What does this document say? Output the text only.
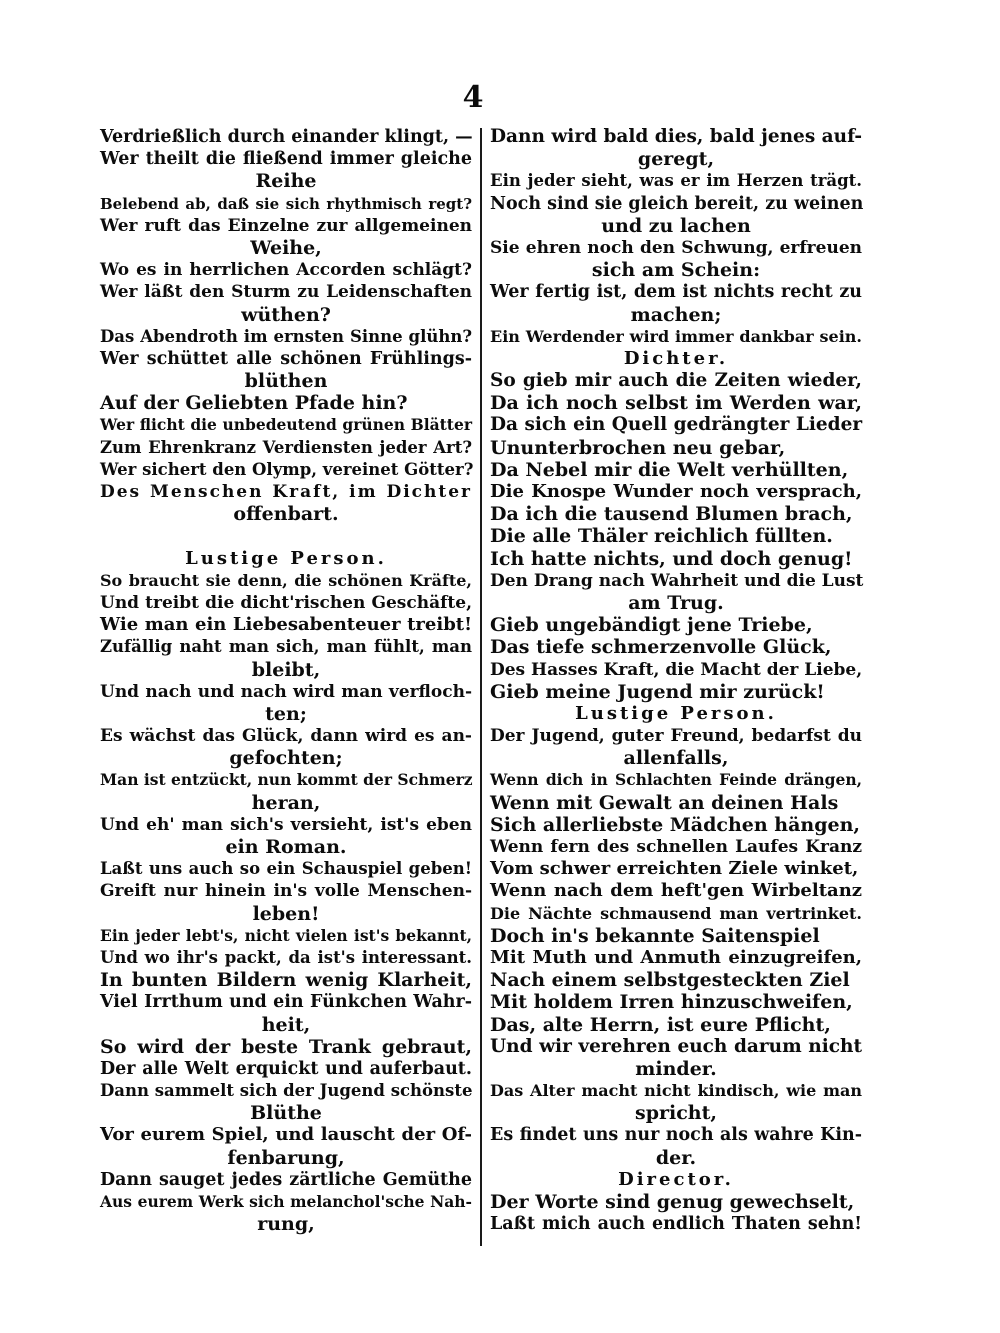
4
Verdrießlich durch einander klingt, —
Wer theilt die fließend immer gleiche
Reihe
Belebend ab, daß sie sich rhythmisch regt?
Wer ruft das Einzelne zur allgemeinen
Weihe,
Wo es in herrlichen Accorden schlägt?
Wer läßt den Sturm zu Leidenschaften
wüthen?
Das Abendroth im ernsten Sinne glühn?
Wer schüttet alle schönen Frühlings-
blüthen
Auf der Geliebten Pfade hin?
Wer flicht die unbedeutend grünen Blätter
Zum Ehrenkranz Verdiensten jeder Art?
Wer sichert den Olymp, vereinet Götter?
Des Menschen Kraft, im Dichter
offenbart.
Lustige Person.
So braucht sie denn, die schönen Kräfte,
Und treibt die dicht'rischen Geschäfte,
Wie man ein Liebesabenteuer treibt!
Zufällig naht man sich, man fühlt, man
bleibt,
Und nach und nach wird man verfloch-
ten;
Es wächst das Glück, dann wird es an-
gefochten;
Man ist entzückt, nun kommt der Schmerz
heran,
Und eh' man sich's versieht, ist's eben
ein Roman.
Laßt uns auch so ein Schauspiel geben!
Greift nur hinein in's volle Menschen-
leben!
Ein jeder lebt's, nicht vielen ist's bekannt,
Und wo ihr's packt, da ist's interessant.
In bunten Bildern wenig Klarheit,
Viel Irrthum und ein Fünkchen Wahr-
heit,
So wird der beste Trank gebraut,
Der alle Welt erquickt und auferbaut.
Dann sammelt sich der Jugend schönste
Blüthe
Vor eurem Spiel, und lauscht der Of-
fenbarung,
Dann sauget jedes zärtliche Gemüthe
Aus eurem Werk sich melanchol'sche Nah-
rung,
Dann wird bald dies, bald jenes auf-
geregt,
Ein jeder sieht, was er im Herzen trägt.
Noch sind sie gleich bereit, zu weinen
und zu lachen
Sie ehren noch den Schwung, erfreuen
sich am Schein:
Wer fertig ist, dem ist nichts recht zu
machen;
Ein Werdender wird immer dankbar sein.
Dichter.
So gieb mir auch die Zeiten wieder,
Da ich noch selbst im Werden war,
Da sich ein Quell gedrängter Lieder
Ununterbrochen neu gebar,
Da Nebel mir die Welt verhüllten,
Die Knospe Wunder noch versprach,
Da ich die tausend Blumen brach,
Die alle Thäler reichlich füllten.
Ich hatte nichts, und doch genug!
Den Drang nach Wahrheit und die Lust
am Trug.
Gieb ungebändigt jene Triebe,
Das tiefe schmerzenvolle Glück,
Des Hasses Kraft, die Macht der Liebe,
Gieb meine Jugend mir zurück!
Lustige Person.
Der Jugend, guter Freund, bedarfst du
allenfalls,
Wenn dich in Schlachten Feinde drängen,
Wenn mit Gewalt an deinen Hals
Sich allerliebste Mädchen hängen,
Wenn fern des schnellen Laufes Kranz
Vom schwer erreichten Ziele winket,
Wenn nach dem heft'gen Wirbeltanz
Die Nächte schmausend man vertrinket.
Doch in's bekannte Saitenspiel
Mit Muth und Anmuth einzugreifen,
Nach einem selbstgesteckten Ziel
Mit holdem Irren hinzuschweifen,
Das, alte Herrn, ist eure Pflicht,
Und wir verehren euch darum nicht
minder.
Das Alter macht nicht kindisch, wie man
spricht,
Es findet uns nur noch als wahre Kin-
der.
Director.
Der Worte sind genug gewechselt,
Laßt mich auch endlich Thaten sehn!
